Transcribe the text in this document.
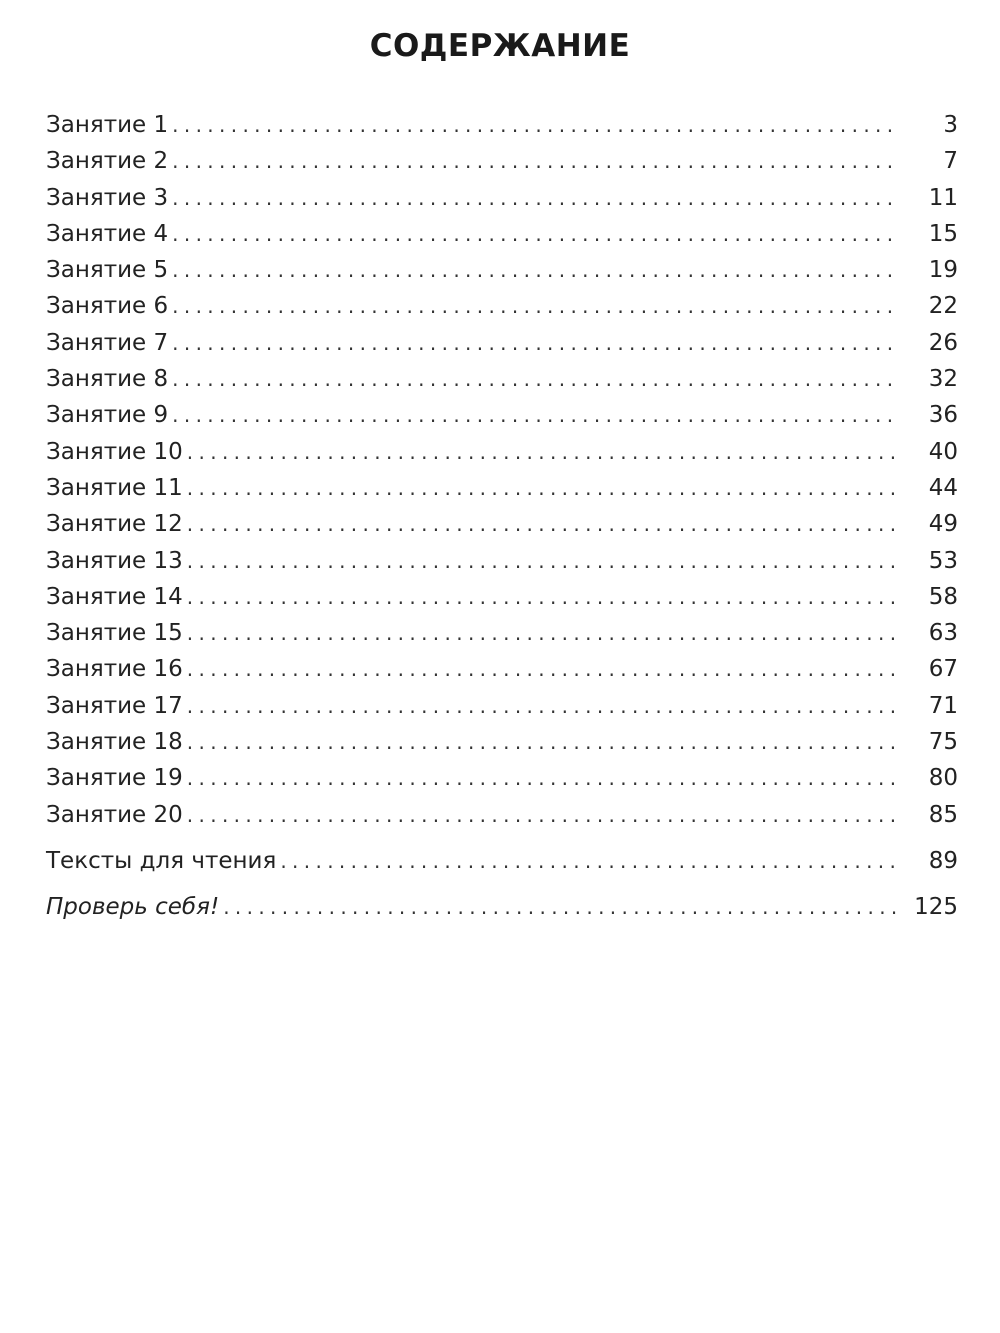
СОДЕРЖАНИЕ
Занятие 1 . . .	3
Занятие 2 . . .	7
Занятие 3 . . .	11
Занятие 4 . . .	15
Занятие 5 . . .	19
Занятие 6 . . .	22
Занятие 7 . . .	26
Занятие 8 . . .	32
Занятие 9 . . .	36
Занятие 10 . . .	40
Занятие 11 . . .	44
Занятие 12 . . .	49
Занятие 13 . . .	53
Занятие 14 . . .	58
Занятие 15 . . .	63
Занятие 16 . . .	67
Занятие 17 . . .	71
Занятие 18 . . .	75
Занятие 19 . . .	80
Занятие 20 . . .	85
Тексты для чтения . . .	89
Проверь себя! . . .	125
